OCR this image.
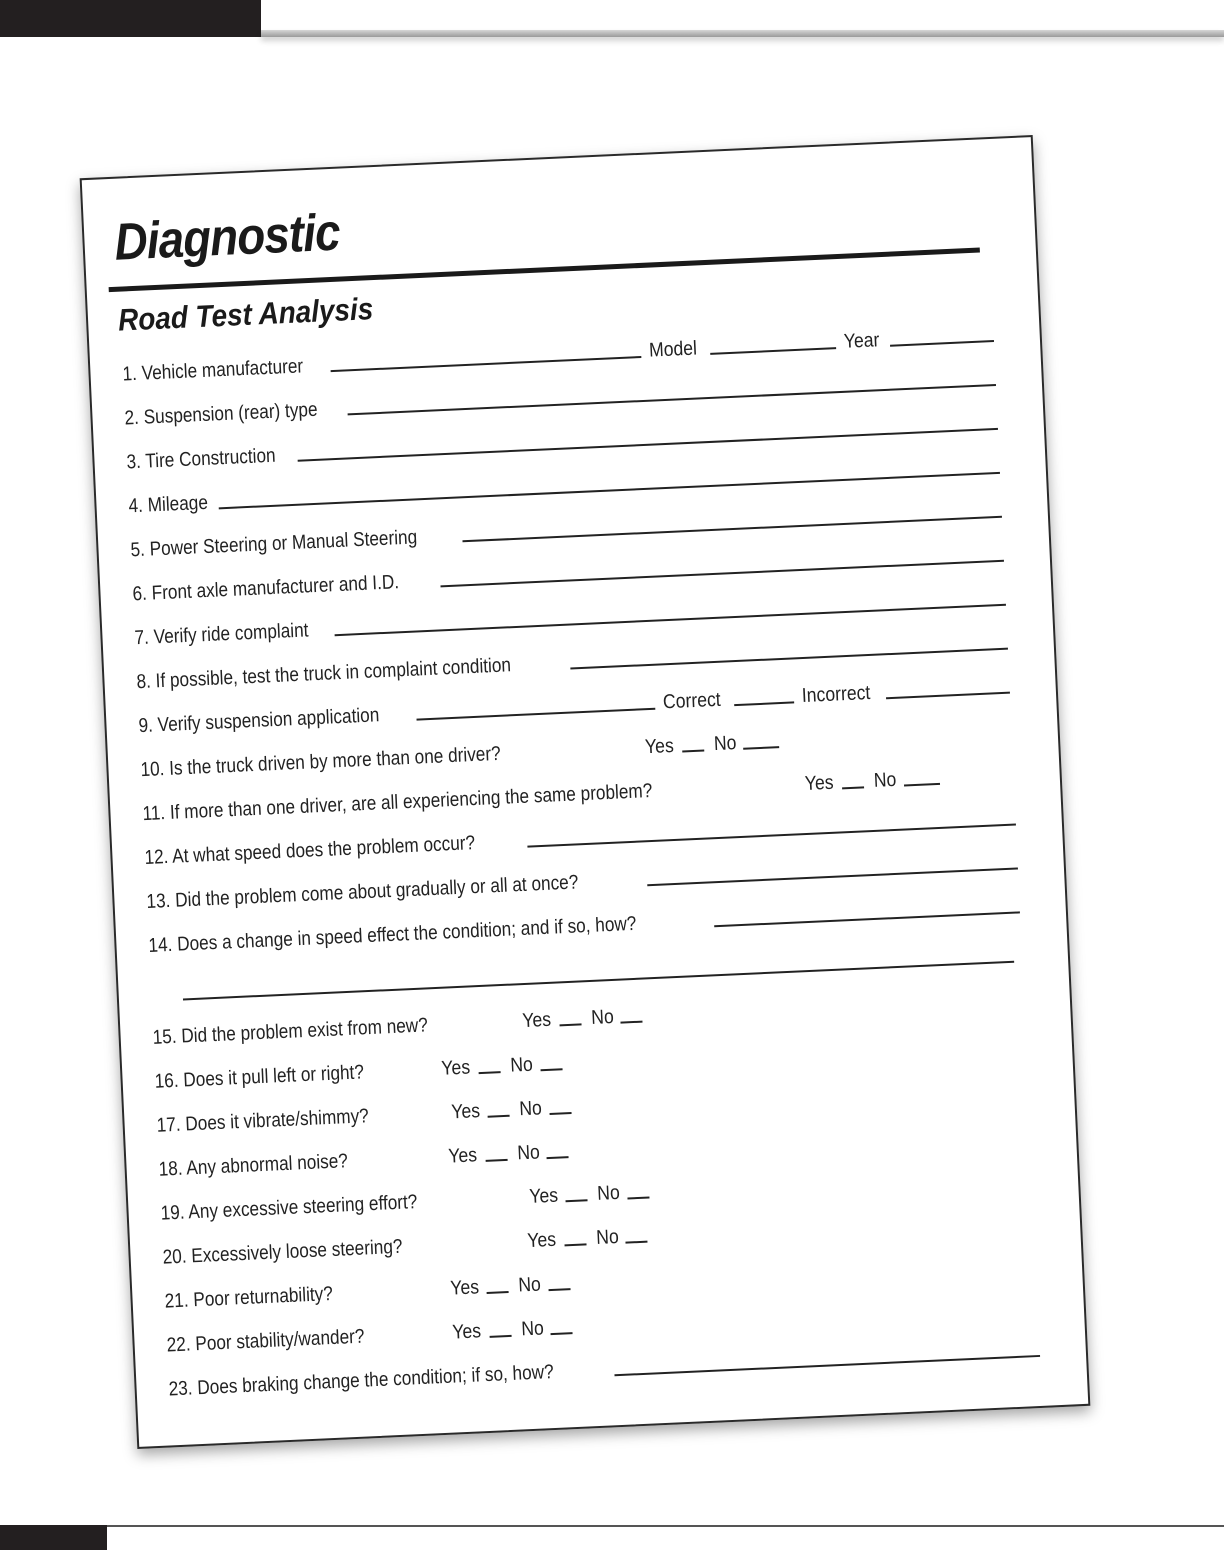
Diagnostic
Road Test Analysis
1. Vehicle manufacturer
Model	Year
2. Suspension (rear) type
3. Tire Construction
4. Mileage
5. Power Steering or Manual Steering
6. Front axle manufacturer and I.D.
7. Verify ride complaint
8. If possible, test the truck in complaint condition
9. Verify suspension application
Correct	Incorrect
10. Is the truck driven by more than one driver?	Yes No
11. If more than one driver, are all experiencing the same problem?	Yes No
12. At what speed does the problem occur?
13. Did the problem come about gradually or all at once?
14. Does a change in speed effect the condition; and if so, how?
15. Did the problem exist from new?	Yes No
16. Does it pull left or right?	Yes No
17. Does it vibrate/shimmy?	Yes No
18. Any abnormal noise?	Yes No
19. Any excessive steering effort?	Yes No
20. Excessively loose steering?	Yes No
21. Poor returnability?	Yes No
22. Poor stability/wander?	Yes No
23. Does braking change the condition; if so, how?
